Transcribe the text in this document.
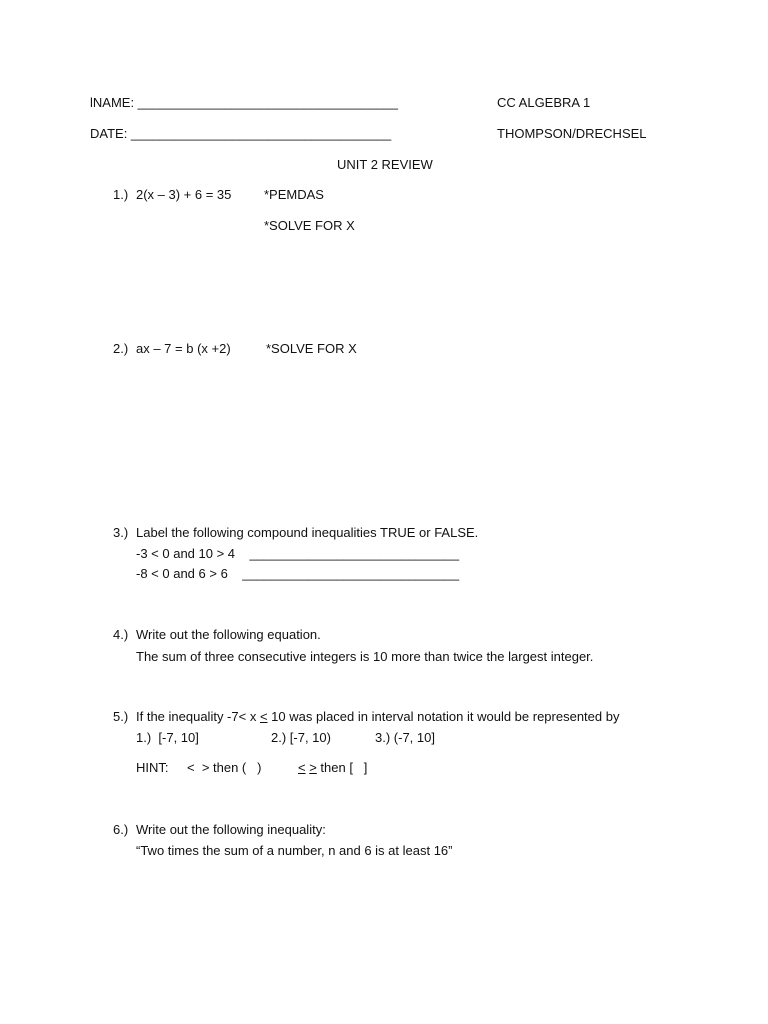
lNAME: ____________________________________	CC ALGEBRA 1
DATE: ____________________________________	THOMPSON/DRECHSEL
UNIT 2 REVIEW
1.) 2(x – 3) + 6 = 35	*PEMDAS
*SOLVE FOR X
2.) ax – 7 = b (x +2)	*SOLVE FOR X
3.) Label the following compound inequalities TRUE or FALSE.
-3 < 0 and 10 > 4    _____________________________
-8 < 0 and 6 > 6    ______________________________
4.) Write out the following equation.
The sum of three consecutive integers is 10 more than twice the largest integer.
5.) If the inequality -7< x < 10 was placed in interval notation it would be represented by
1.)  [-7, 10]	2.) [-7, 10)	3.) (-7, 10]
HINT: <  > then (   )	< > then [   ]
6.) Write out the following inequality:
“Two times the sum of a number, n and 6 is at least 16”
